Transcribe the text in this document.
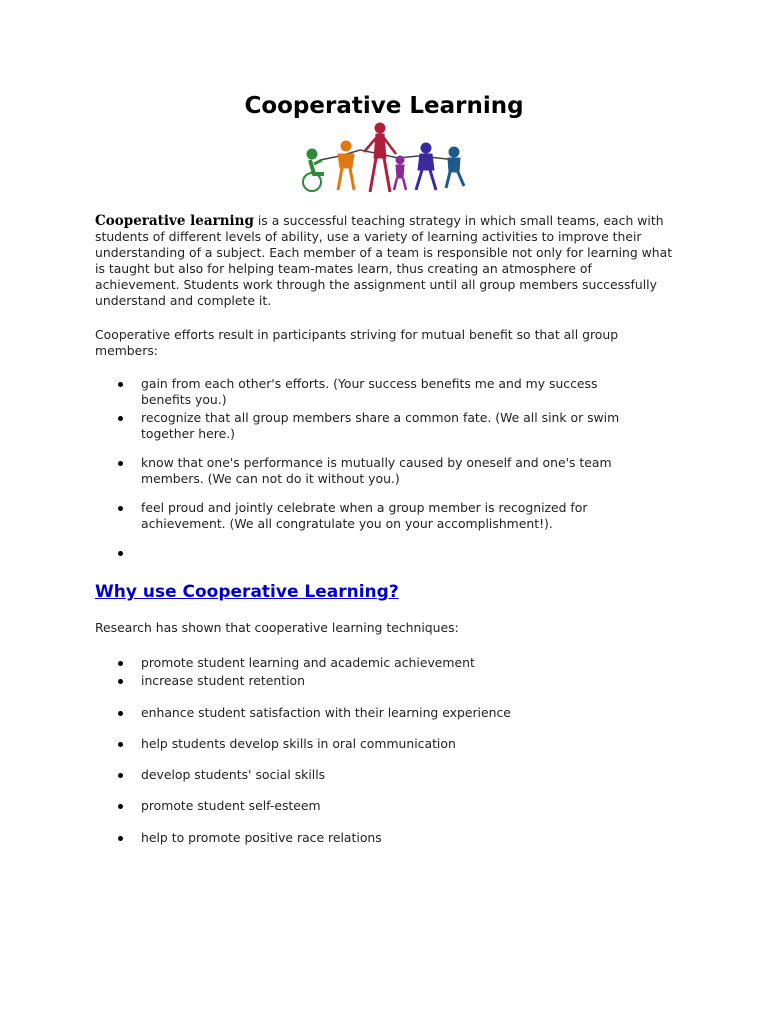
Cooperative Learning

Cooperative learning is a successful teaching strategy in which small teams, each with students of different levels of ability, use a variety of learning activities to improve their understanding of a subject. Each member of a team is responsible not only for learning what is taught but also for helping team-mates learn, thus creating an atmosphere of achievement. Students work through the assignment until all group members successfully understand and complete it.

Cooperative efforts result in participants striving for mutual benefit so that all group members:

gain from each other's efforts. (Your success benefits me and my success benefits you.)
recognize that all group members share a common fate. (We all sink or swim together here.)
know that one's performance is mutually caused by oneself and one's team members. (We can not do it without you.)
feel proud and jointly celebrate when a group member is recognized for achievement. (We all congratulate you on your accomplishment!).
Why use Cooperative Learning?

Research has shown that cooperative learning techniques:

promote student learning and academic achievement
increase student retention
enhance student satisfaction with their learning experience
help students develop skills in oral communication
develop students' social skills
promote student self-esteem
help to promote positive race relations
